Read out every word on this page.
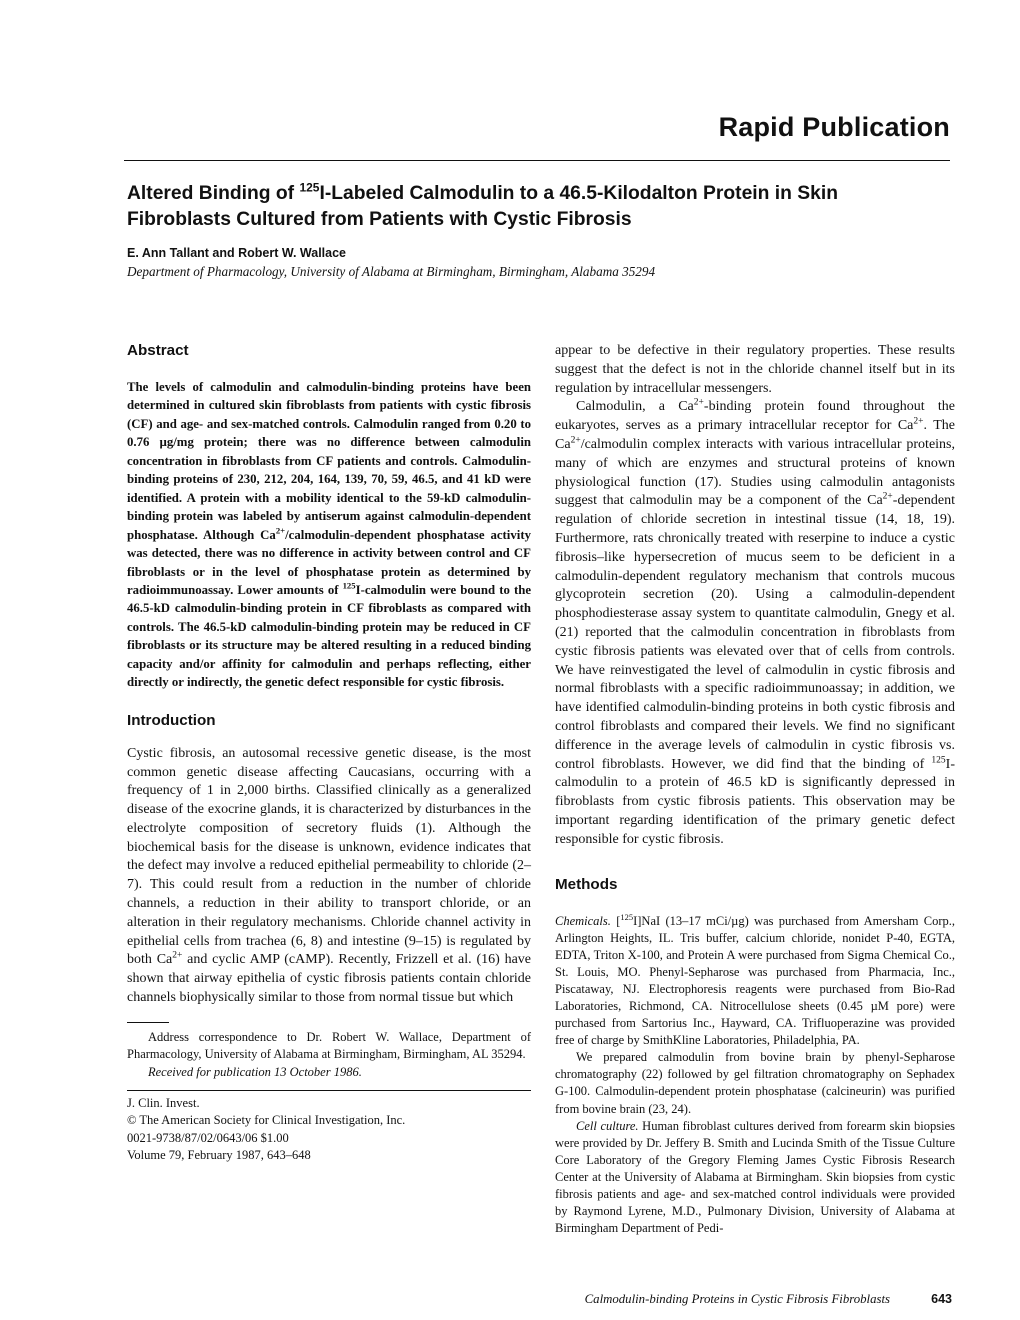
Rapid Publication
Altered Binding of $^{125}$I-Labeled Calmodulin to a 46.5-Kilodalton Protein in Skin Fibroblasts Cultured from Patients with Cystic Fibrosis
E. Ann Tallant and Robert W. Wallace
Department of Pharmacology, University of Alabama at Birmingham, Birmingham, Alabama 35294
Abstract

The levels of calmodulin and calmodulin-binding proteins have been determined in cultured skin fibroblasts from patients with cystic fibrosis (CF) and age- and sex-matched controls. Calmodulin ranged from 0.20 to 0.76 µg/mg protein; there was no difference between calmodulin concentration in fibroblasts from CF patients and controls. Calmodulin-binding proteins of 230, 212, 204, 164, 139, 70, 59, 46.5, and 41 kD were identified. A protein with a mobility identical to the 59-kD calmodulin-binding protein was labeled by antiserum against calmodulin-dependent phosphatase. Although $Ca^{2+}/calmodulin$-dependent phosphatase activity was detected, there was no difference in activity between control and CF fibroblasts or in the level of phosphatase protein as determined by radioimmunoassay. Lower amounts of $^{125}$I-calmodulin were bound to the 46.5-kD calmodulin-binding protein in CF fibroblasts as compared with controls. The 46.5-kD calmodulin-binding protein may be reduced in CF fibroblasts or its structure may be altered resulting in a reduced binding capacity and/or affinity for calmodulin and perhaps reflecting, either directly or indirectly, the genetic defect responsible for cystic fibrosis.

Introduction

Cystic fibrosis, an autosomal recessive genetic disease, is the most common genetic disease affecting Caucasians, occurring with a frequency of 1 in 2,000 births. Classified clinically as a generalized disease of the exocrine glands, it is characterized by disturbances in the electrolyte composition of secretory fluids (1). Although the biochemical basis for the disease is unknown, evidence indicates that the defect may involve a reduced epithelial permeability to chloride (2–7). This could result from a reduction in the number of chloride channels, a reduction in their ability to transport chloride, or an alteration in their regulatory mechanisms. Chloride channel activity in epithelial cells from trachea (6, 8) and intestine (9–15) is regulated by both $Ca^{2+}$ and cyclic AMP (cAMP). Recently, Frizzell et al. (16) have shown that airway epithelia of cystic fibrosis patients contain chloride channels biophysically similar to those from normal tissue but which

Address correspondence to Dr. Robert W. Wallace, Department of Pharmacology, University of Alabama at Birmingham, Birmingham, AL 35294.

Received for publication 13 October 1986.

J. Clin. Invest.
© The American Society for Clinical Investigation, Inc.
0021-9738/87/02/0643/06 $1.00
Volume 79, February 1987, 643–648

appear to be defective in their regulatory properties. These results suggest that the defect is not in the chloride channel itself but in its regulation by intracellular messengers.

Calmodulin, a $Ca^{2+}$-binding protein found throughout the eukaryotes, serves as a primary intracellular receptor for $Ca^{2+}$. The $Ca^{2+}$/calmodulin complex interacts with various intracellular proteins, many of which are enzymes and structural proteins of known physiological function (17). Studies using calmodulin antagonists suggest that calmodulin may be a component of the $Ca^{2+}$-dependent regulation of chloride secretion in intestinal tissue (14, 18, 19). Furthermore, rats chronically treated with reserpine to induce a cystic fibrosis–like hypersecretion of mucus seem to be deficient in a calmodulin-dependent regulatory mechanism that controls mucous glycoprotein secretion (20). Using a calmodulin-dependent phosphodiesterase assay system to quantitate calmodulin, Gnegy et al. (21) reported that the calmodulin concentration in fibroblasts from cystic fibrosis patients was elevated over that of cells from controls. We have reinvestigated the level of calmodulin in cystic fibrosis and normal fibroblasts with a specific radioimmunoassay; in addition, we have identified calmodulin-binding proteins in both cystic fibrosis and control fibroblasts and compared their levels. We find no significant difference in the average levels of calmodulin in cystic fibrosis vs. control fibroblasts. However, we did find that the binding of $^{125}$I-calmodulin to a protein of 46.5 kD is significantly depressed in fibroblasts from cystic fibrosis patients. This observation may be important regarding identification of the primary genetic defect responsible for cystic fibrosis.

Methods

Chemicals. [$^{125}$I]NaI (13–17 mCi/µg) was purchased from Amersham Corp., Arlington Heights, IL. Tris buffer, calcium chloride, nonidet P-40, EGTA, EDTA, Triton X-100, and Protein A were purchased from Sigma Chemical Co., St. Louis, MO. Phenyl-Sepharose was purchased from Pharmacia, Inc., Piscataway, NJ. Electrophoresis reagents were purchased from Bio-Rad Laboratories, Richmond, CA. Nitrocellulose sheets (0.45 µM pore) were purchased from Sartorius Inc., Hayward, CA. Trifluoperazine was provided free of charge by SmithKline Laboratories, Philadelphia, PA.

We prepared calmodulin from bovine brain by phenyl-Sepharose chromatography (22) followed by gel filtration chromatography on Sephadex G-100. Calmodulin-dependent protein phosphatase (calcineurin) was purified from bovine brain (23, 24).

Cell culture. Human fibroblast cultures derived from forearm skin biopsies were provided by Dr. Jeffery B. Smith and Lucinda Smith of the Tissue Culture Core Laboratory of the Gregory Fleming James Cystic Fibrosis Research Center at the University of Alabama at Birmingham. Skin biopsies from cystic fibrosis patients and age- and sex-matched control individuals were provided by Raymond Lyrene, M.D., Pulmonary Division, University of Alabama at Birmingham Department of Pedi-

Calmodulin-binding Proteins in Cystic Fibrosis Fibroblasts	643
